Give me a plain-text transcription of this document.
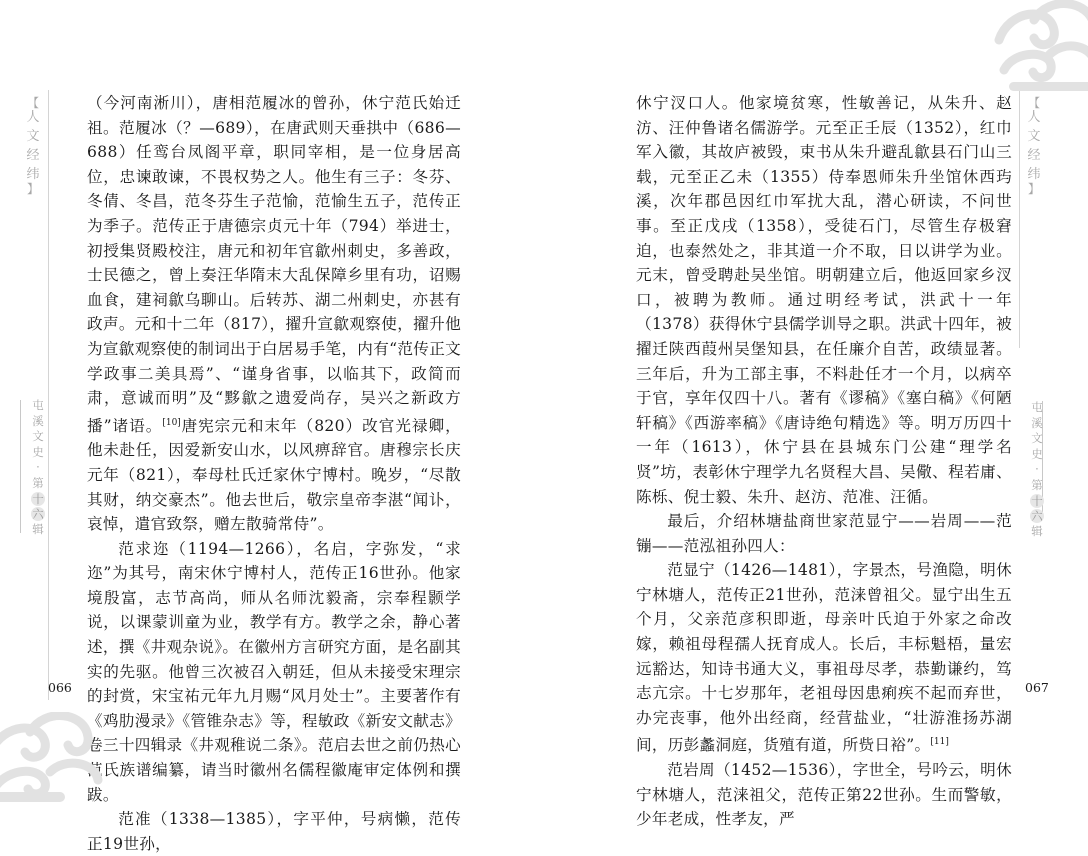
【
人
文
经
纬
】
屯
溪
文
史
·
第
十
六
辑

（今河南淅川），唐相范履冰的曾孙，休宁范氏始迁祖。范履冰（？—689），在唐武则天垂拱中（686—688）任鸾台凤阁平章，职同宰相，是一位身居高位，忠谏敢谏，不畏权势之人。他生有三子：冬芬、冬倩、冬昌，范冬芬生子范愉，范愉生五子，范传正为季子。范传正于唐德宗贞元十年（794）举进士，初授集贤殿校注，唐元和初年官歙州刺史，多善政，士民德之，曾上奏汪华隋末大乱保障乡里有功，诏赐血食，建祠歙乌聊山。后转苏、湖二州刺史，亦甚有政声。元和十二年（817），擢升宣歙观察使，擢升他为宣歙观察使的制词出于白居易手笔，内有“范传正文学政事二美具焉”、“谨身省事，以临其下，政简而肃，意诚而明”及“黟歙之遗爱尚存，吴兴之新政方播”诸语。[10]唐宪宗元和末年（820）改官光禄卿，他未赴任，因爱新安山水，以风痹辞官。唐穆宗长庆元年（821），奉母杜氏迁家休宁博村。晚岁，“尽散其财，纳交豪杰”。他去世后，敬宗皇帝李湛“闻讣，哀悼，遣官致祭，赠左散骑常侍”。

范求迩（1194—1266），名启，字弥发，“求迩”为其号，南宋休宁博村人，范传正16世孙。他家境殷富，志节高尚，师从名师沈毅斋，宗奉程颢学说，以课蒙训童为业，教学有方。教学之余，静心著述，撰《井观杂说》。在徽州方言研究方面，是名副其实的先驱。他曾三次被召入朝廷，但从未接受宋理宗的封赏，宋宝祐元年九月赐“风月处士”。主要著作有《鸡肋漫录》《管锥杂志》等，程敏政《新安文献志》卷三十四辑录《井观稚说二条》。范启去世之前仍热心范氏族谱编纂，请当时徽州名儒程徽庵审定体例和撰跋。

范准（1338—1385），字平仲，号病懒，范传正19世孙，

066
【
人
文
经
纬
】
屯
溪
文
史
·
第
十
六
辑

休宁汊口人。他家境贫寒，性敏善记，从朱升、赵汸、汪仲鲁诸名儒游学。元至正壬辰（1352），红巾军入徽，其故庐被毁，束书从朱升避乱歙县石门山三载，元至正乙未（1355）侍奉恩师朱升坐馆休西玙溪，次年郡邑因红巾军扰大乱，潜心研读，不问世事。至正戊戌（1358），受徒石门，尽管生存极窘迫，也泰然处之，非其道一介不取，日以讲学为业。元末，曾受聘赴吴坐馆。明朝建立后，他返回家乡汊口，被聘为教师。通过明经考试，洪武十一年（1378）获得休宁县儒学训导之职。洪武十四年，被擢迁陕西葭州吴堡知县，在任廉介自苦，政绩显著。三年后，升为工部主事，不料赴任才一个月，以病卒于官，享年仅四十八。著有《谬稿》《塞白稿》《何陋轩稿》《西游率稿》《唐诗绝句精选》等。明万历四十一年（1613），休宁县在县城东门公建“理学名贤”坊，表彰休宁理学九名贤程大昌、吴儆、程若庸、陈栎、倪士毅、朱升、赵汸、范准、汪循。

最后，介绍林塘盐商世家范显宁——岩周——范镚——范泓祖孙四人：

范显宁（1426—1481），字景杰，号渔隐，明休宁林塘人，范传正21世孙，范涞曾祖父。显宁出生五个月，父亲范彦积即逝，母亲叶氏迫于外家之命改嫁，赖祖母程孺人抚育成人。长后，丰标魁梧，量宏远豁达，知诗书通大义，事祖母尽孝，恭勤谦约，笃志亢宗。十七岁那年，老祖母因患痢疾不起而弃世，办完丧事，他外出经商，经营盐业，“壮游淮扬苏湖间，历彭蠡洞庭，货殖有道，所赀日裕”。[11]

范岩周（1452—1536），字世全，号吟云，明休宁林塘人，范涞祖父，范传正第22世孙。生而警敏，少年老成，性孝友，严

067
